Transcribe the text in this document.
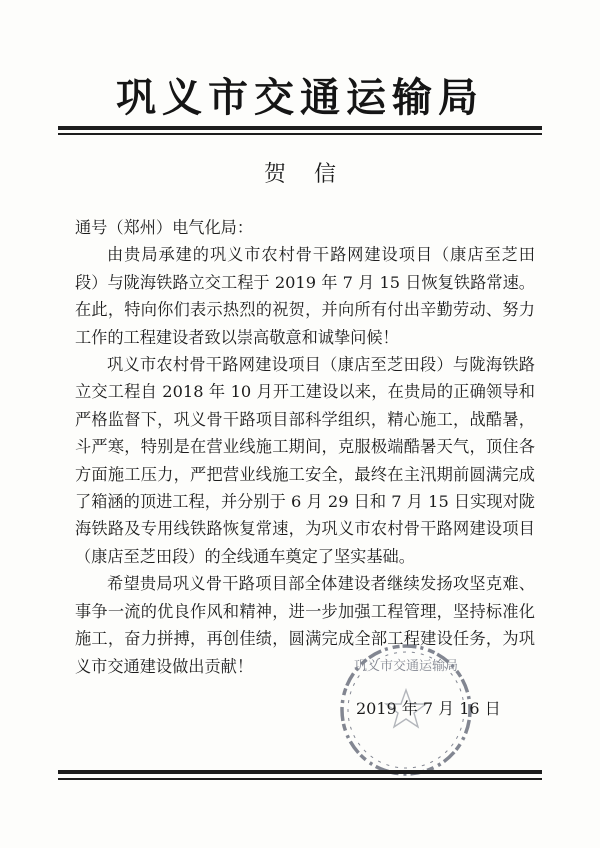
巩义市交通运输局
贺信

通号（郑州）电气化局：

由贵局承建的巩义市农村骨干路网建设项目（康店至芝田段）与陇海铁路立交工程于 2019 年 7 月 15 日恢复铁路常速。在此，特向你们表示热烈的祝贺，并向所有付出辛勤劳动、努力工作的工程建设者致以崇高敬意和诚挚问候！

巩义市农村骨干路网建设项目（康店至芝田段）与陇海铁路立交工程自 2018 年 10 月开工建设以来，在贵局的正确领导和严格监督下，巩义骨干路项目部科学组织，精心施工，战酷暑，斗严寒，特别是在营业线施工期间，克服极端酷暑天气，顶住各方面施工压力，严把营业线施工安全，最终在主汛期前圆满完成了箱涵的顶进工程，并分别于 6 月 29 日和 7 月 15 日实现对陇海铁路及专用线铁路恢复常速，为巩义市农村骨干路网建设项目（康店至芝田段）的全线通车奠定了坚实基础。

希望贵局巩义骨干路项目部全体建设者继续发扬攻坚克难、事争一流的优良作风和精神，进一步加强工程管理，坚持标准化施工，奋力拼搏，再创佳绩，圆满完成全部工程建设任务，为巩义市交通建设做出贡献！	巩义市交通运输局
2019 年 7 月 16 日
